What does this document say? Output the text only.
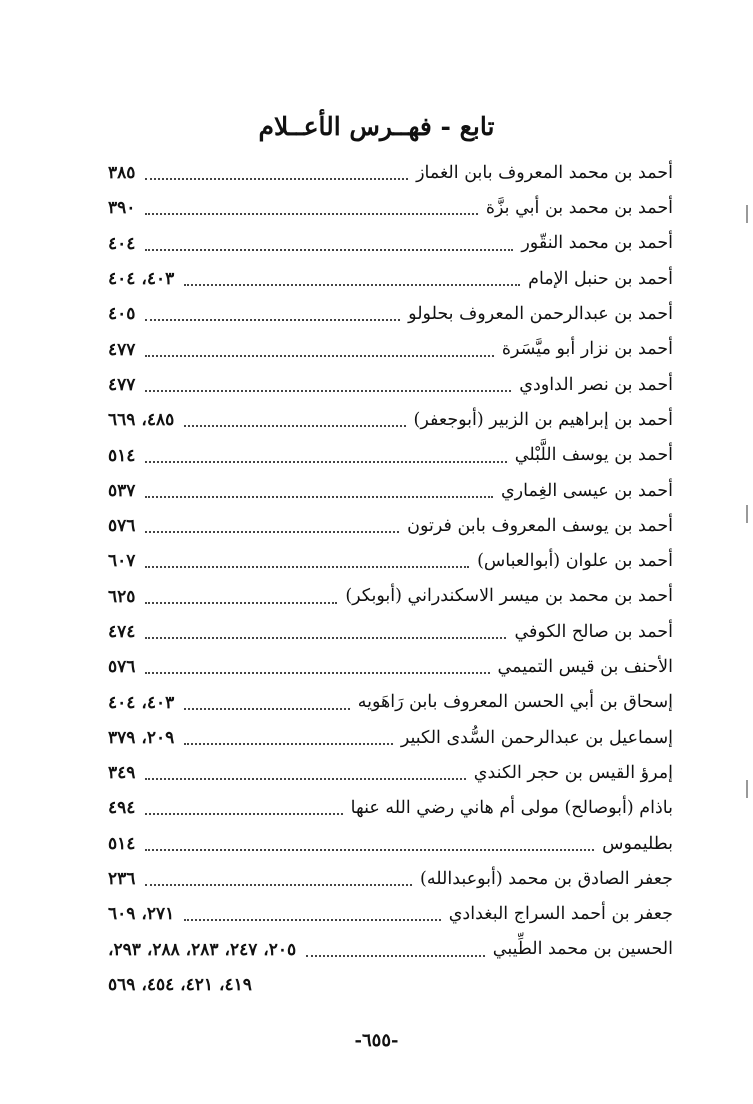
تابع - فهــرس الأعــلام
أحمد بن محمد المعروف بابن الغماز
٣٨٥
أحمد بن محمد بن أبي بزَّة
٣٩٠
أحمد بن محمد النقّور
٤٠٤
أحمد بن حنبل الإمام
٤٠٣، ٤٠٤
أحمد بن عبدالرحمن المعروف بحلولو
٤٠٥
أحمد بن نزار أبو ميَّسَرة
٤٧٧
أحمد بن نصر الداودي
٤٧٧
أحمد بن إبراهيم بن الزبير (أبوجعفر)
٤٨٥، ٦٦٩
أحمد بن يوسف اللَّبْلي
٥١٤
أحمد بن عيسى الغِماري
٥٣٧
أحمد بن يوسف المعروف بابن فرتون
٥٧٦
أحمد بن علوان (أبوالعباس)
٦٠٧
أحمد بن محمد بن ميسر الاسكندراني (أبوبكر)
٦٢٥
أحمد بن صالح الكوفي
٤٧٤
الأحنف بن قيس التميمي
٥٧٦
إسحاق بن أبي الحسن المعروف بابن رَاهَويه
٤٠٣، ٤٠٤
إسماعيل بن عبدالرحمن السُّدى الكبير
٢٠٩، ٣٧٩
إمرؤ القيس بن حجر الكندي
٣٤٩
باذام (أبوصالح) مولى أم هاني رضي الله عنها
٤٩٤
بطليموس
٥١٤
جعفر الصادق بن محمد (أبوعبدالله)
٢٣٦
جعفر بن أحمد السراج البغدادي
٢٧١، ٦٠٩
الحسين بن محمد الطِّيبي
٢٠٥، ٢٤٧، ٢٨٣، ٢٨٨، ٢٩٣،
٤١٩، ٤٢١، ٤٥٤، ٥٦٩
-٦٥٥-
